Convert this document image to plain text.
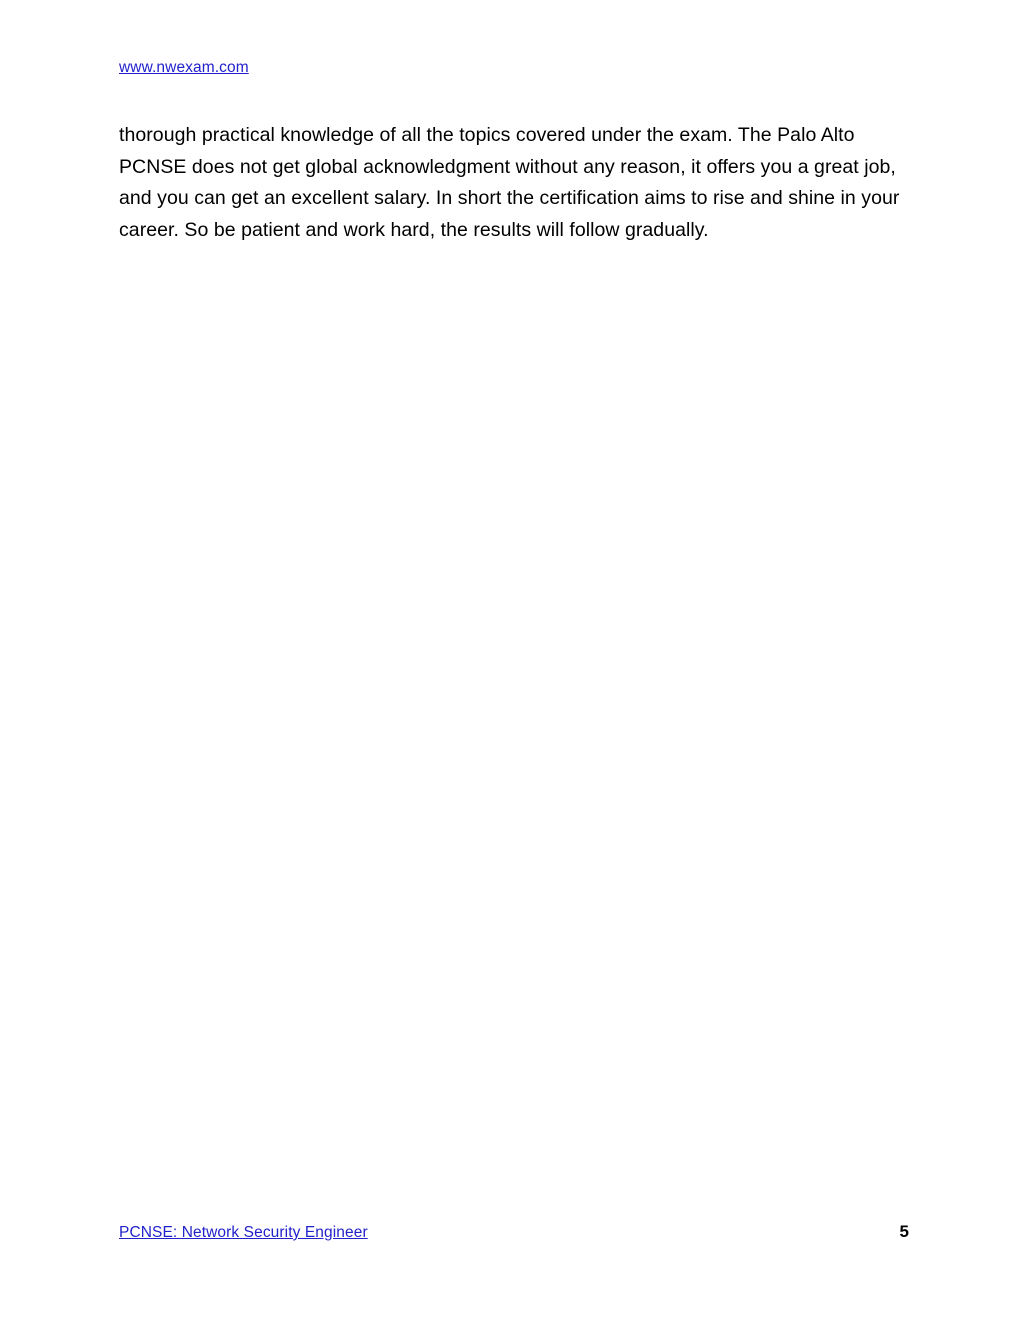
www.nwexam.com
thorough practical knowledge of all the topics covered under the exam. The Palo Alto PCNSE does not get global acknowledgment without any reason, it offers you a great job, and you can get an excellent salary. In short the certification aims to rise and shine in your career. So be patient and work hard, the results will follow gradually.
PCNSE: Network Security Engineer	5
